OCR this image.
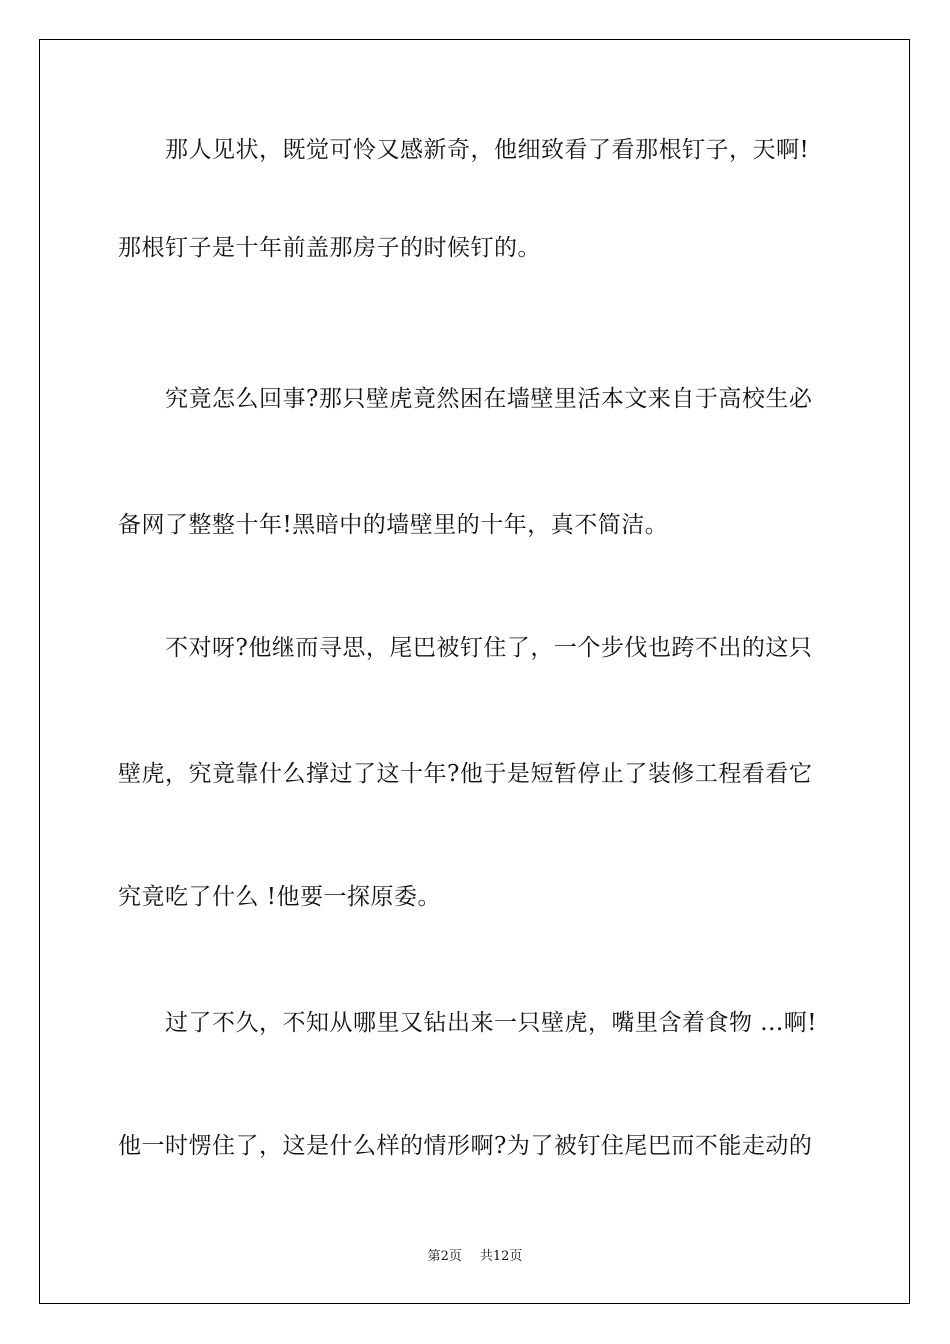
那人见状，既觉可怜又感新奇，他细致看了看那根钉子，天啊!

那根钉子是十年前盖那房子的时候钉的。

究竟怎么回事?那只壁虎竟然困在墙壁里活本文来自于高校生必

备网了整整十年!黑暗中的墙壁里的十年，真不简洁。

不对呀?他继而寻思，尾巴被钉住了，一个步伐也跨不出的这只

壁虎，究竟靠什么撑过了这十年?他于是短暂停止了装修工程看看它

究竟吃了什么 !他要一探原委。

过了不久，不知从哪里又钻出来一只壁虎，嘴里含着食物 ...啊!

他一时愣住了，这是什么样的情形啊?为了被钉住尾巴而不能走动的

第2页 共12页
